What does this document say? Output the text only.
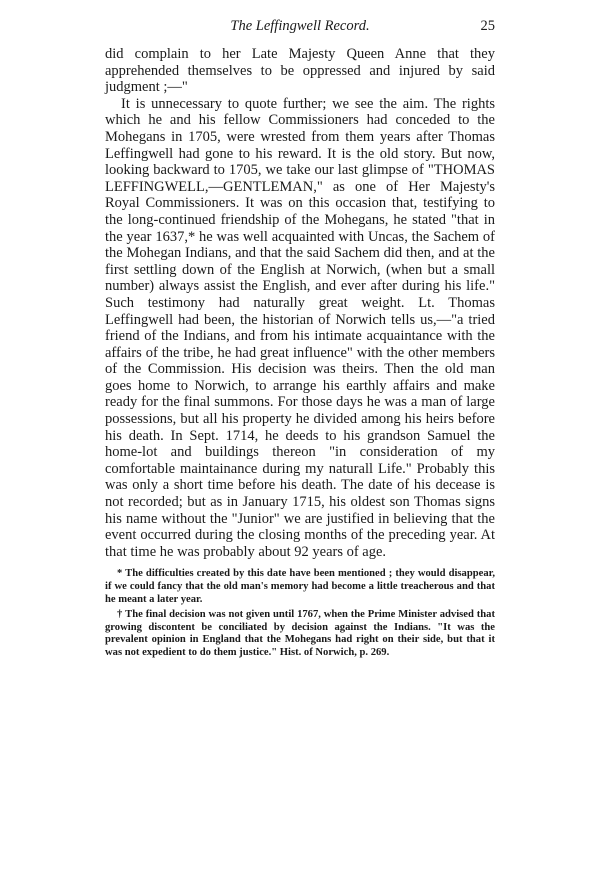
The Leffingwell Record.	25

did complain to her Late Majesty Queen Anne that they apprehended themselves to be oppressed and injured by said judgment ;—"

It is unnecessary to quote further; we see the aim. The rights which he and his fellow Commissioners had conceded to the Mohegans in 1705, were wrested from them years after Thomas Leffingwell had gone to his reward. It is the old story. But now, looking backward to 1705, we take our last glimpse of "THOMAS LEFFINGWELL,—GENTLEMAN," as one of Her Majesty's Royal Commissioners. It was on this occasion that, testifying to the long-continued friendship of the Mohegans, he stated "that in the year 1637,* he was well acquainted with Uncas, the Sachem of the Mohegan Indians, and that the said Sachem did then, and at the first settling down of the English at Norwich, (when but a small number) always assist the English, and ever after during his life." Such testimony had naturally great weight. Lt. Thomas Leffingwell had been, the historian of Norwich tells us,—"a tried friend of the Indians, and from his intimate acquaintance with the affairs of the tribe, he had great influence" with the other members of the Commission. His decision was theirs. Then the old man goes home to Norwich, to arrange his earthly affairs and make ready for the final summons. For those days he was a man of large possessions, but all his property he divided among his heirs before his death. In Sept. 1714, he deeds to his grandson Samuel the home-lot and buildings thereon "in consideration of my comfortable maintainance during my naturall Life." Probably this was only a short time before his death. The date of his decease is not recorded; but as in January 1715, his oldest son Thomas signs his name without the "Junior" we are justified in believing that the event occurred during the closing months of the preceding year. At that time he was probably about 92 years of age.

* The difficulties created by this date have been mentioned ; they would disappear, if we could fancy that the old man's memory had become a little treacherous and that he meant a later year.

† The final decision was not given until 1767, when the Prime Minister advised that growing discontent be conciliated by decision against the Indians. "It was the prevalent opinion in England that the Mohegans had right on their side, but that it was not expedient to do them justice." Hist. of Norwich, p. 269.
